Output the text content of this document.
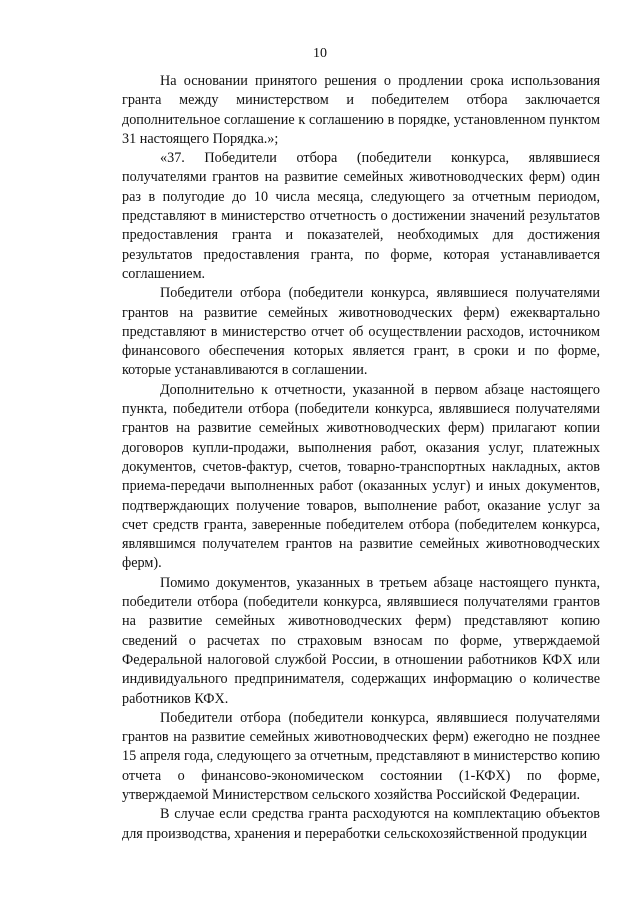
10

На основании принятого решения о продлении срока использования гранта между министерством и победителем отбора заключается дополнительное соглашение к соглашению в порядке, установленном пунктом 31 настоящего Порядка.»;

«37. Победители отбора (победители конкурса, являвшиеся получателями грантов на развитие семейных животноводческих ферм) один раз в полугодие до 10 числа месяца, следующего за отчетным периодом, представляют в министерство отчетность о достижении значений результатов предоставления гранта и показателей, необходимых для достижения результатов предоставления гранта, по форме, которая устанавливается соглашением.

Победители отбора (победители конкурса, являвшиеся получателями грантов на развитие семейных животноводческих ферм) ежеквартально представляют в министерство отчет об осуществлении расходов, источником финансового обеспечения которых является грант, в сроки и по форме, которые устанавливаются в соглашении.

Дополнительно к отчетности, указанной в первом абзаце настоящего пункта, победители отбора (победители конкурса, являвшиеся получателями грантов на развитие семейных животноводческих ферм) прилагают копии договоров купли-продажи, выполнения работ, оказания услуг, платежных документов, счетов-фактур, счетов, товарно-транспортных накладных, актов приема-передачи выполненных работ (оказанных услуг) и иных документов, подтверждающих получение товаров, выполнение работ, оказание услуг за счет средств гранта, заверенные победителем отбора (победителем конкурса, являвшимся получателем грантов на развитие семейных животноводческих ферм).

Помимо документов, указанных в третьем абзаце настоящего пункта, победители отбора (победители конкурса, являвшиеся получателями грантов на развитие семейных животноводческих ферм) представляют копию сведений о расчетах по страховым взносам по форме, утверждаемой Федеральной налоговой службой России, в отношении работников КФХ или индивидуального предпринимателя, содержащих информацию о количестве работников КФХ.

Победители отбора (победители конкурса, являвшиеся получателями грантов на развитие семейных животноводческих ферм) ежегодно не позднее 15 апреля года, следующего за отчетным, представляют в министерство копию отчета о финансово-экономическом состоянии (1-КФХ) по форме, утверждаемой Министерством сельского хозяйства Российской Федерации.

В случае если средства гранта расходуются на комплектацию объектов для производства, хранения и переработки сельскохозяйственной продукции
